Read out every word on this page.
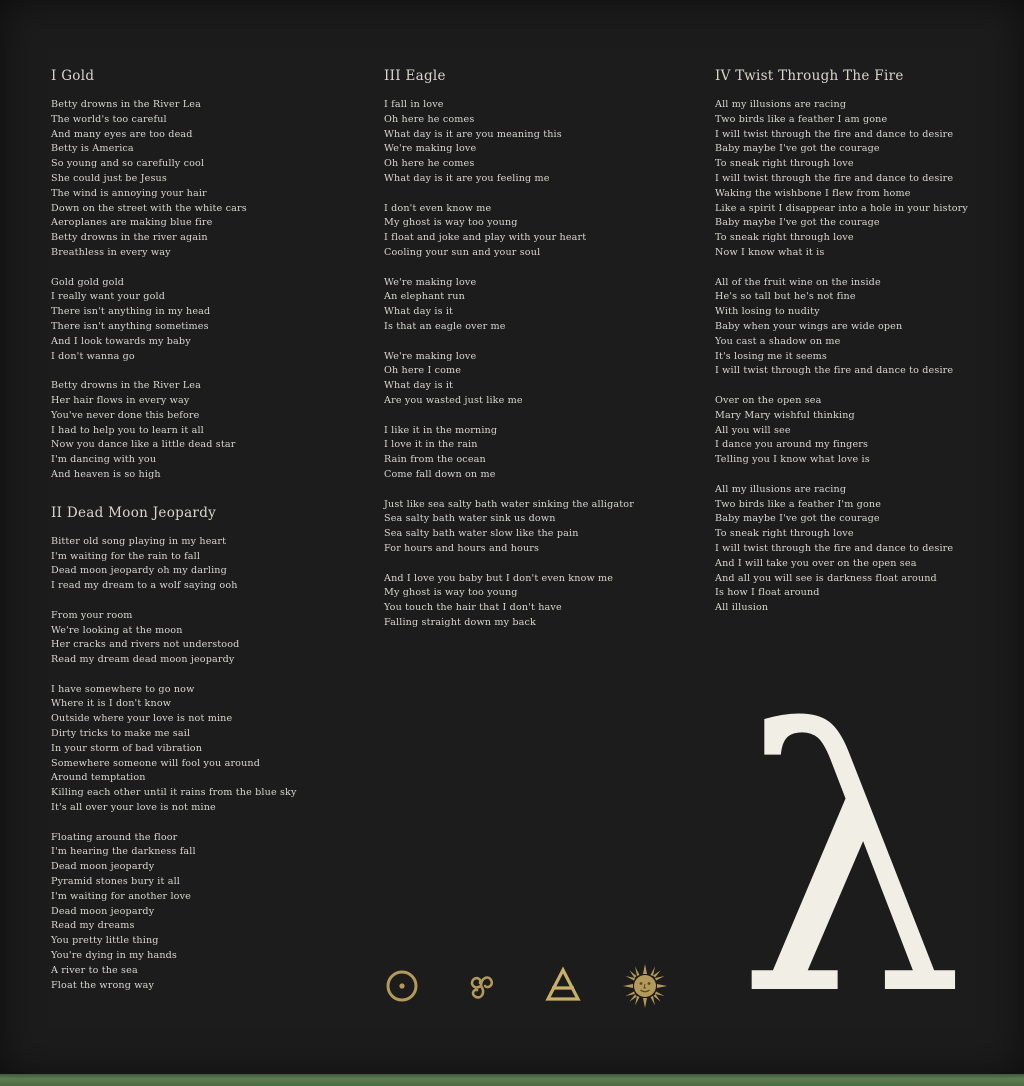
I Gold
Betty drowns in the River Lea
The world's too careful
And many eyes are too dead
Betty is America
So young and so carefully cool
She could just be Jesus
The wind is annoying your hair
Down on the street with the white cars
Aeroplanes are making blue fire
Betty drowns in the river again
Breathless in every way
Gold gold gold
I really want your gold
There isn't anything in my head
There isn't anything sometimes
And I look towards my baby
I don't wanna go
Betty drowns in the River Lea
Her hair flows in every way
You've never done this before
I had to help you to learn it all
Now you dance like a little dead star
I'm dancing with you
And heaven is so high
II Dead Moon Jeopardy
Bitter old song playing in my heart
I'm waiting for the rain to fall
Dead moon jeopardy oh my darling
I read my dream to a wolf saying ooh
From your room
We're looking at the moon
Her cracks and rivers not understood
Read my dream dead moon jeopardy
I have somewhere to go now
Where it is I don't know
Outside where your love is not mine
Dirty tricks to make me sail
In your storm of bad vibration
Somewhere someone will fool you around
Around temptation
Killing each other until it rains from the blue sky
It's all over your love is not mine
Floating around the floor
I'm hearing the darkness fall
Dead moon jeopardy
Pyramid stones bury it all
I'm waiting for another love
Dead moon jeopardy
Read my dreams
You pretty little thing
You're dying in my hands
A river to the sea
Float the wrong way
III Eagle
I fall in love
Oh here he comes
What day is it are you meaning this
We're making love
Oh here he comes
What day is it are you feeling me
I don't even know me
My ghost is way too young
I float and joke and play with your heart
Cooling your sun and your soul
We're making love
An elephant run
What day is it
Is that an eagle over me
We're making love
Oh here I come
What day is it
Are you wasted just like me
I like it in the morning
I love it in the rain
Rain from the ocean
Come fall down on me
Just like sea salty bath water sinking the alligator
Sea salty bath water sink us down
Sea salty bath water slow like the pain
For hours and hours and hours
And I love you baby but I don't even know me
My ghost is way too young
You touch the hair that I don't have
Falling straight down my back
IV Twist Through The Fire
All my illusions are racing
Two birds like a feather I am gone
I will twist through the fire and dance to desire
Baby maybe I've got the courage
To sneak right through love
I will twist through the fire and dance to desire
Waking the wishbone I flew from home
Like a spirit I disappear into a hole in your history
Baby maybe I've got the courage
To sneak right through love
Now I know what it is
All of the fruit wine on the inside
He's so tall but he's not fine
With losing to nudity
Baby when your wings are wide open
You cast a shadow on me
It's losing me it seems
I will twist through the fire and dance to desire
Over on the open sea
Mary Mary wishful thinking
All you will see
I dance you around my fingers
Telling you I know what love is
All my illusions are racing
Two birds like a feather I'm gone
Baby maybe I've got the courage
To sneak right through love
I will twist through the fire and dance to desire
And I will take you over on the open sea
And all you will see is darkness float around
Is how I float around
All illusion
λ
